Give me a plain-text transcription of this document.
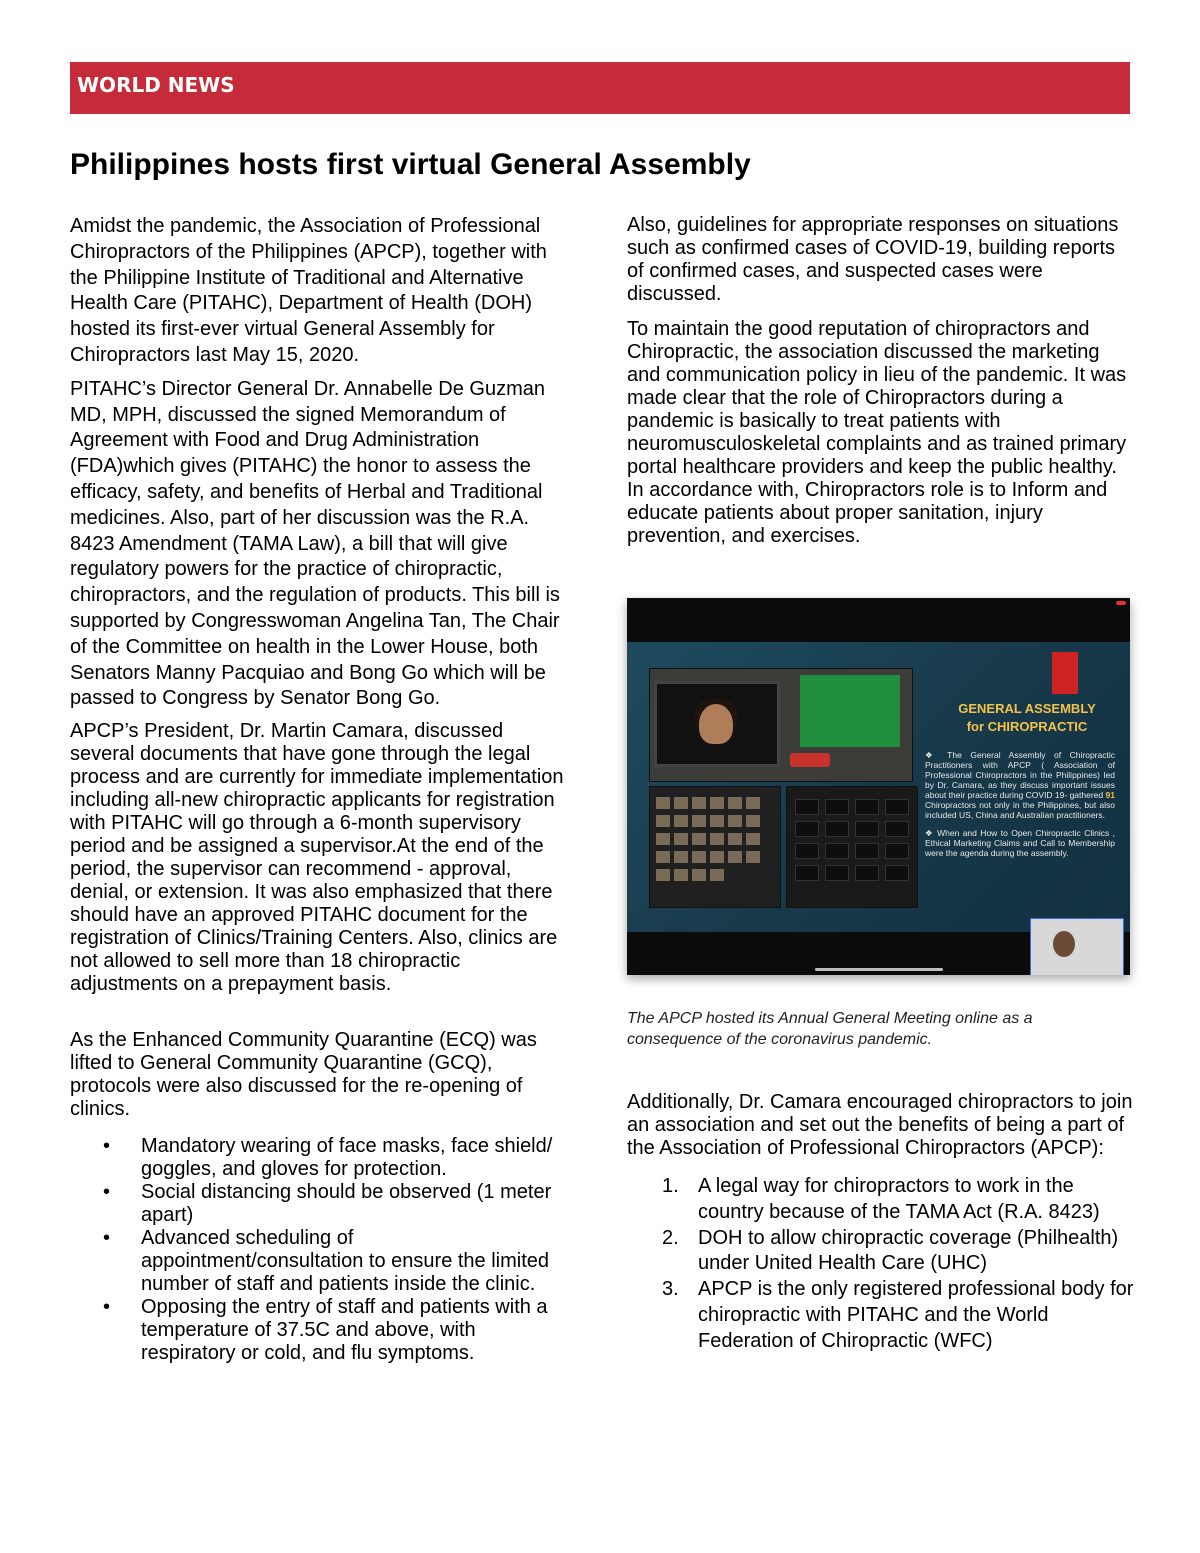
WORLD NEWS
Philippines hosts first virtual General Assembly

Amidst the pandemic, the Association of Professional Chiropractors of the Philippines (APCP), together with the Philippine Institute of Traditional and Alternative Health Care (PITAHC), Department of Health (DOH) hosted its first-ever virtual General Assembly for Chiropractors last May 15, 2020.

PITAHC’s Director General Dr. Annabelle De Guzman MD, MPH, discussed the signed Memorandum of Agreement with Food and Drug Administration (FDA)which gives (PITAHC) the honor to assess the efficacy, safety, and benefits of Herbal and Traditional medicines. Also, part of her discussion was the R.A. 8423 Amendment (TAMA Law), a bill that will give regulatory powers for the practice of chiropractic, chiropractors, and the regulation of products. This bill is supported by Congresswoman Angelina Tan, The Chair of the Committee on health in the Lower House, both Senators Manny Pacquiao and Bong Go which will be passed to Congress by Senator Bong Go.

APCP’s President, Dr. Martin Camara, discussed several documents that have gone through the legal process and are currently for immediate implementation including all-new chiropractic applicants for registration with PITAHC will go through a 6-month supervisory period and be assigned a supervisor.At the end of the period, the supervisor can recommend - approval, denial, or extension. It was also emphasized that there should have an approved PITAHC document for the registration of Clinics/Training Centers. Also, clinics are not allowed to sell more than 18 chiropractic adjustments on a prepayment basis.

As the Enhanced Community Quarantine (ECQ) was lifted to General Community Quarantine (GCQ), protocols were also discussed for the re-opening of clinics.

• Mandatory wearing of face masks, face shield/ goggles, and gloves for protection.
• Social distancing should be observed (1 meter apart)
• Advanced scheduling of appointment/consultation to ensure the limited number of staff and patients inside the clinic.
• Opposing the entry of staff and patients with a temperature of 37.5C and above, with respiratory or cold, and flu symptoms.

Also, guidelines for appropriate responses on situations such as confirmed cases of COVID-19, building reports of confirmed cases, and suspected cases were discussed.

To maintain the good reputation of chiropractors and Chiropractic, the association discussed the marketing and communication policy in lieu of the pandemic. It was made clear that the role of Chiropractors during a pandemic is basically to treat patients with neuromusculoskeletal complaints and as trained primary portal healthcare providers and keep the public healthy. In accordance with, Chiropractors role is to Inform and educate patients about proper sanitation, injury prevention, and exercises.

GENERAL ASSEMBLY
for CHIROPRACTIC

❖ The General Assembly of Chiropractic Practitioners with APCP ( Association of Professional Chiropractors in the Philippines) led by Dr. Camara, as they discuss important issues about their practice during COVID 19- gathered 91 Chiropractors not only in the Philippines, but also included US, China and Australian practitioners.

❖ When and How to Open Chiropractic Clinics , Ethical Marketing Claims and Call to Membership were the agenda during the assembly.

The APCP hosted its Annual General Meeting online as a consequence of the coronavirus pandemic.

Additionally, Dr. Camara encouraged chiropractors to join an association and set out the benefits of being a part of the Association of Professional Chiropractors (APCP):

1. A legal way for chiropractors to work in the country because of the TAMA Act (R.A. 8423)
2. DOH to allow chiropractic coverage (Philhealth) under United Health Care (UHC)
3. APCP is the only registered professional body for chiropractic with PITAHC and the World Federation of Chiropractic (WFC)
